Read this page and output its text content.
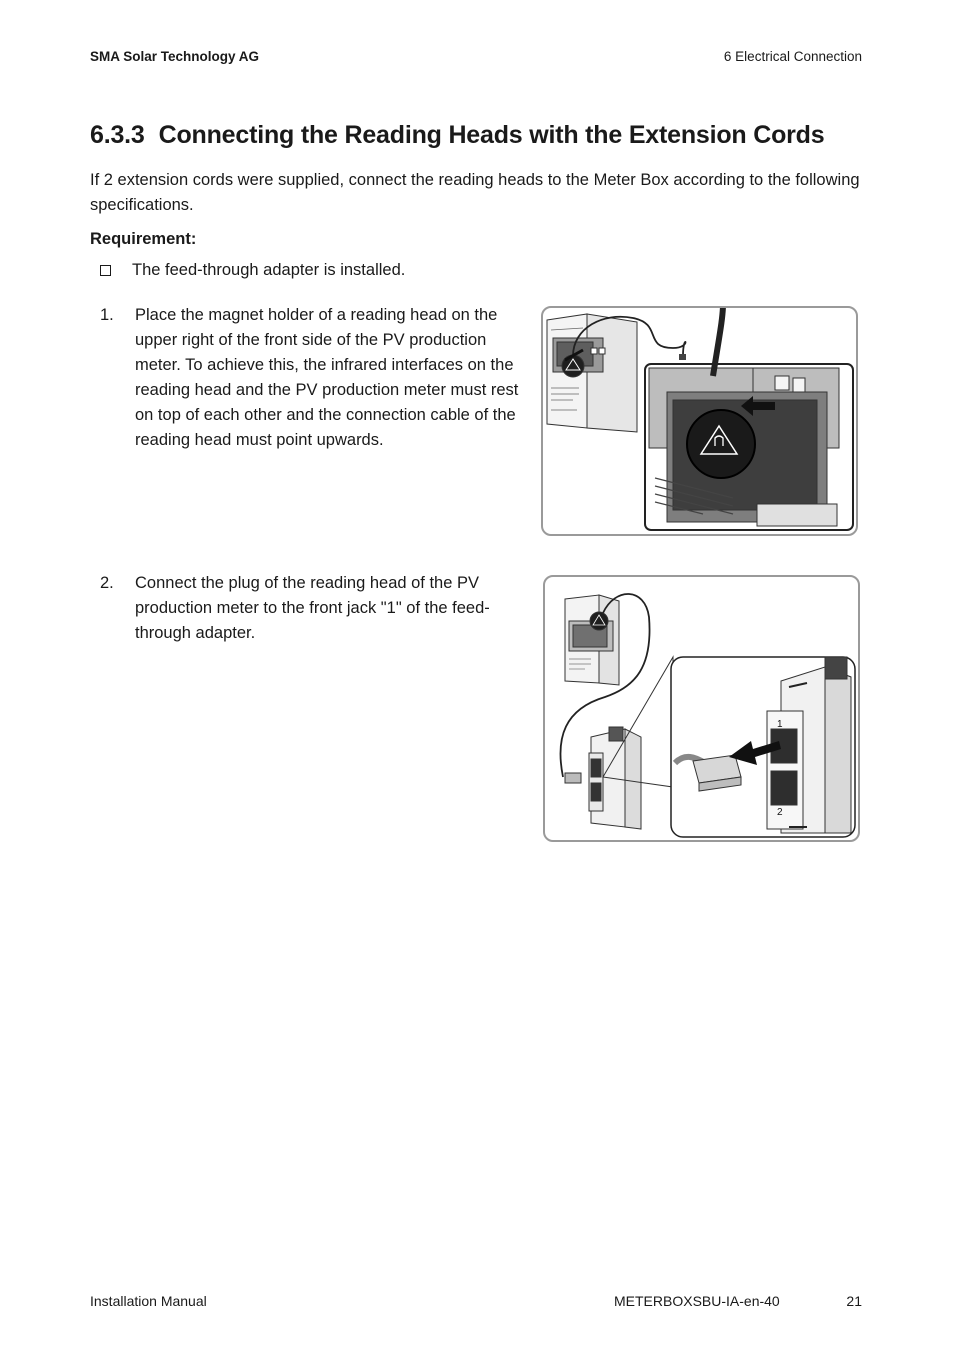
SMA Solar Technology AG	6 Electrical Connection
6.3.3 Connecting the Reading Heads with the Extension Cords

If 2 extension cords were supplied, connect the reading heads to the Meter Box according to the following specifications.

Requirement:

The feed-through adapter is installed.
1.	Place the magnet holder of a reading head on the upper right of the front side of the PV production meter. To achieve this, the infrared interfaces on the reading head and the PV production meter must rest on top of each other and the connection cable of the reading head must point upwards.
2.	Connect the plug of the reading head of the PV production meter to the front jack "1" of the feed-through adapter.
1
2
Installation Manual	METERBOXSBU-IA-en-40	21
